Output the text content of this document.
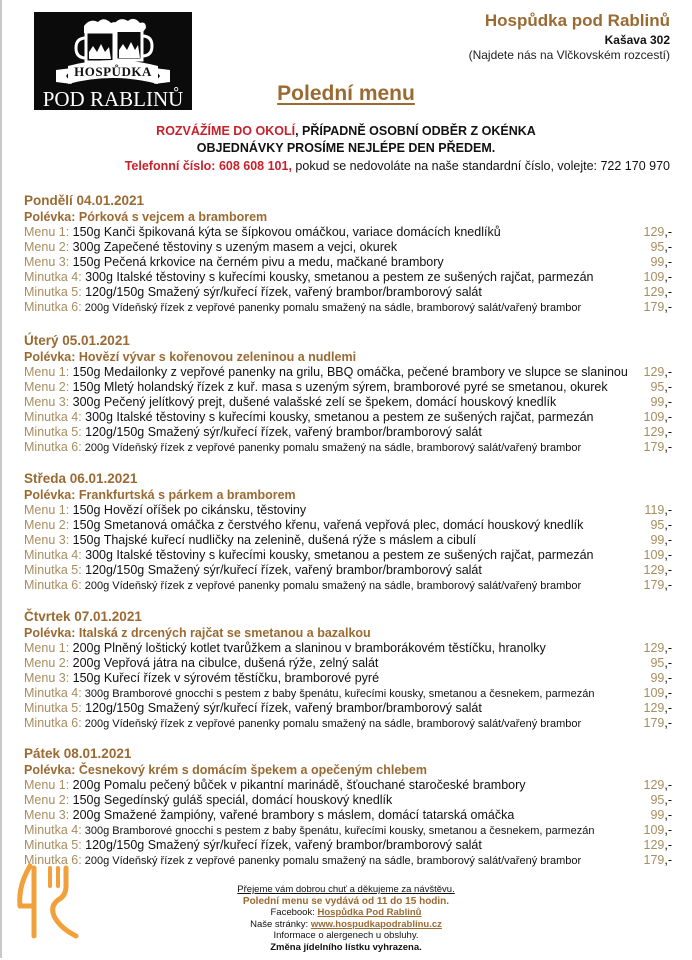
HOSPŮDKA
POD RABLINŮ
Hospůdka pod Rablinů
Kašava 302
(Najdete nás na Vlčkovském rozcestí)
Polední menu
ROZVÁŽÍME DO OKOLÍ, PŘÍPADNĚ OSOBNÍ ODBĚR Z OKÉNKA
OBJEDNÁVKY PROSÍME NEJLÉPE DEN PŘEDEM.
Telefonní číslo: 608 608 101, pokud se nedovoláte na naše standardní číslo, volejte: 722 170 970
Pondělí 04.01.2021
Polévka: Pórková s vejcem a bramborem
Menu 1: 150g Kanči špikovaná kýta se šípkovou omáčkou, variace domácích knedlíků	129,-
Menu 2: 300g Zapečené těstoviny s uzeným masem a vejci, okurek	95,-
Menu 3: 150g Pečená krkovice na černém pivu a medu, mačkané brambory	99,-
Minutka 4: 300g Italské těstoviny s kuřecími kousky, smetanou a pestem ze sušených rajčat, parmezán	109,-
Minutka 5: 120g/150g Smažený sýr/kuřecí řízek, vařený brambor/bramborový salát	129,-
Minutka 6: 200g Vídeňský řízek z vepřové panenky pomalu smažený na sádle, bramborový salát/vařený brambor	179,-
Úterý 05.01.2021
Polévka: Hovězí vývar s kořenovou zeleninou a nudlemi
Menu 1: 150g Medailonky z vepřové panenky na grilu, BBQ omáčka, pečené brambory ve slupce se slaninou 129,-
Menu 2: 150g Mletý holandský řízek z kuř. masa s uzeným sýrem, bramborové pyré se smetanou, okurek	95,-
Menu 3: 300g Pečený jelítkový prejt, dušené valašské zelí se špekem, domácí houskový knedlík	99,-
Minutka 4: 300g Italské těstoviny s kuřecími kousky, smetanou a pestem ze sušených rajčat, parmezán	109,-
Minutka 5: 120g/150g Smažený sýr/kuřecí řízek, vařený brambor/bramborový salát	129,-
Minutka 6: 200g Vídeňský řízek z vepřové panenky pomalu smažený na sádle, bramborový salát/vařený brambor	179,-
Středa 06.01.2021
Polévka: Frankfurtská s párkem a bramborem
Menu 1: 150g Hovězí oříšek po cikánsku, těstoviny	119,-
Menu 2: 150g Smetanová omáčka z čerstvého křenu, vařená vepřová plec, domácí houskový knedlík	95,-
Menu 3: 150g Thajské kuřecí nudličky na zelenině, dušená rýže s máslem a cibulí	99,-
Minutka 4: 300g Italské těstoviny s kuřecími kousky, smetanou a pestem ze sušených rajčat, parmezán	109,-
Minutka 5: 120g/150g Smažený sýr/kuřecí řízek, vařený brambor/bramborový salát	129,-
Minutka 6: 200g Vídeňský řízek z vepřové panenky pomalu smažený na sádle, bramborový salát/vařený brambor	179,-
Čtvrtek 07.01.2021
Polévka: Italská z drcených rajčat se smetanou a bazalkou
Menu 1: 200g Plněný loštický kotlet tvarůžkem a slaninou v bramborákovém těstíčku, hranolky	129,-
Menu 2: 200g Vepřová játra na cibulce, dušená rýže, zelný salát	95,-
Menu 3: 150g Kuřecí řízek v sýrovém těstíčku, bramborové pyré	99,-
Minutka 4: 300g Bramborové gnocchi s pestem z baby špenátu, kuřecími kousky, smetanou a česnekem, parmezán	109,-
Minutka 5: 120g/150g Smažený sýr/kuřecí řízek, vařený brambor/bramborový salát	129,-
Minutka 6: 200g Vídeňský řízek z vepřové panenky pomalu smažený na sádle, bramborový salát/vařený brambor	179,-
Pátek 08.01.2021
Polévka: Česnekový krém s domácím špekem a opečeným chlebem
Menu 1: 200g Pomalu pečený bůček v pikantní marinádě, šťouchané staročeské brambory	129,-
Menu 2: 150g Segedínský guláš speciál, domácí houskový knedlík	95,-
Menu 3: 200g Smažené žampióny, vařené brambory s máslem, domácí tatarská omáčka	99,-
Minutka 4: 300g Bramborové gnocchi s pestem z baby špenátu, kuřecími kousky, smetanou a česnekem, parmezán	109,-
Minutka 5: 120g/150g Smažený sýr/kuřecí řízek, vařený brambor/bramborový salát	129,-
Minutka 6: 200g Vídeňský řízek z vepřové panenky pomalu smažený na sádle, bramborový salát/vařený brambor	179,-
Přejeme vám dobrou chuť a děkujeme za návštěvu.
Polední menu se vydává od 11 do 15 hodin.
Facebook: Hospůdka Pod Rablinů
Naše stránky: www.hospudkapodrablinu.cz
Informace o alergenech u obsluhy.
Změna jídelního lístku vyhrazena.
